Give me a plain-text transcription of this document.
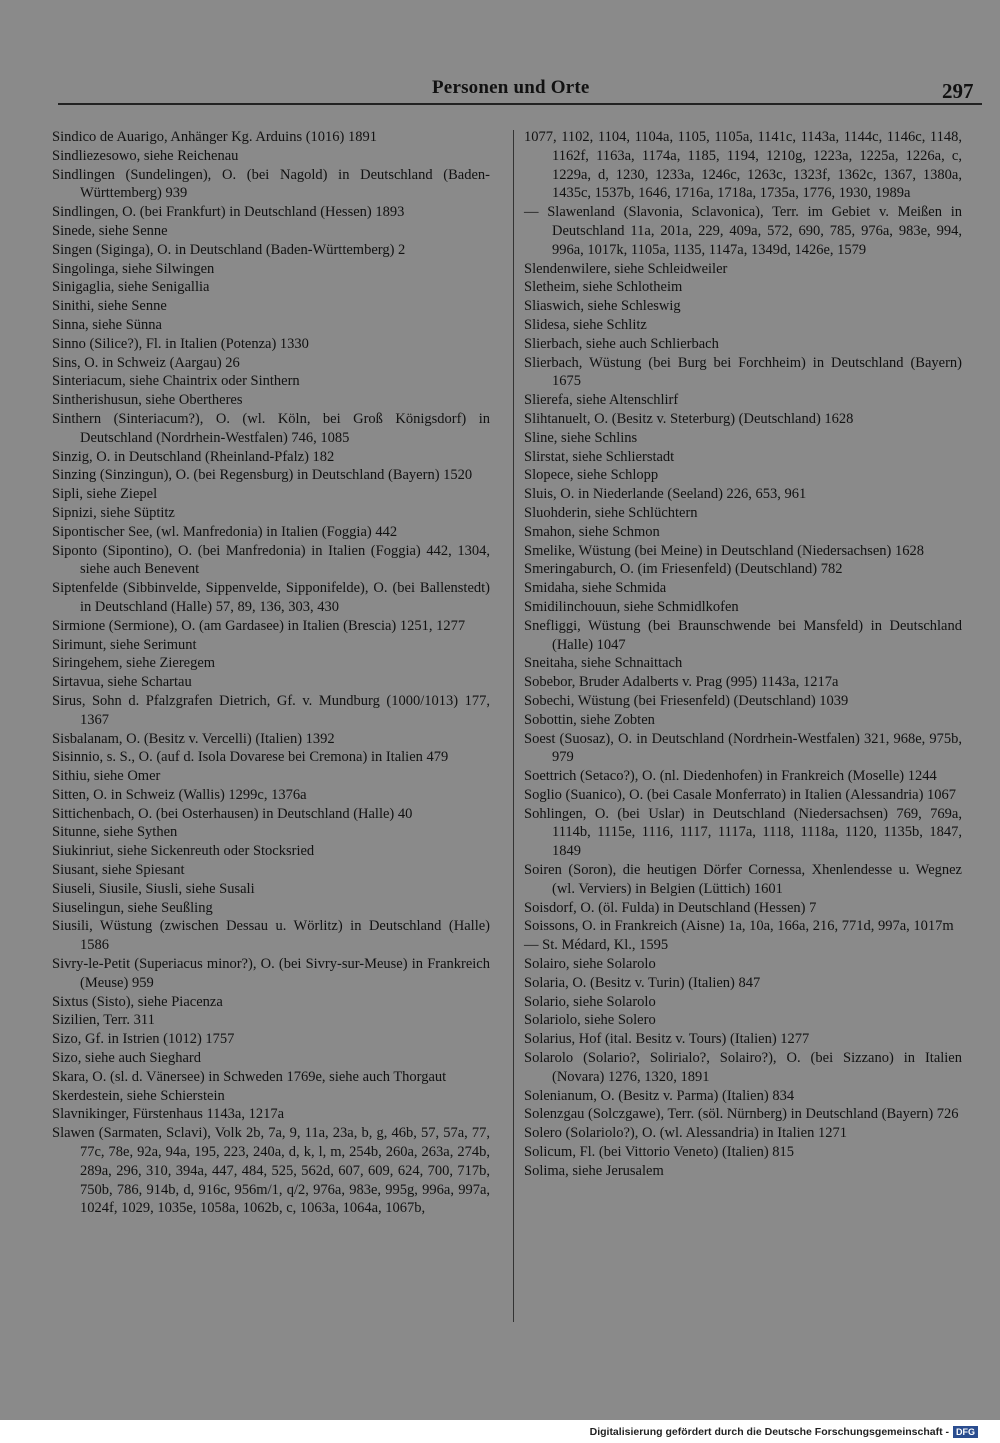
Personen und Orte	297
Sindico de Auarigo, Anhänger Kg. Arduins (1016) 1891
Sindliezesowo, siehe Reichenau
Sindlingen (Sundelingen), O. (bei Nagold) in Deutschland (Baden-Württemberg) 939
Sindlingen, O. (bei Frankfurt) in Deutschland (Hessen) 1893
Sinede, siehe Senne
Singen (Siginga), O. in Deutschland (Baden-Württemberg) 2
Singolinga, siehe Silwingen
Sinigaglia, siehe Senigallia
Sinithi, siehe Senne
Sinna, siehe Sünna
Sinno (Silice?), Fl. in Italien (Potenza) 1330
Sins, O. in Schweiz (Aargau) 26
Sinteriacum, siehe Chaintrix oder Sinthern
Sintherishusun, siehe Obertheres
Sinthern (Sinteriacum?), O. (wl. Köln, bei Groß Königsdorf) in Deutschland (Nordrhein-Westfalen) 746, 1085
Sinzig, O. in Deutschland (Rheinland-Pfalz) 182
Sinzing (Sinzingun), O. (bei Regensburg) in Deutschland (Bayern) 1520
Sipli, siehe Ziepel
Sipnizi, siehe Süptitz
Sipontischer See, (wl. Manfredonia) in Italien (Foggia) 442
Siponto (Sipontino), O. (bei Manfredonia) in Italien (Foggia) 442, 1304, siehe auch Benevent
Siptenfelde (Sibbinvelde, Sippenvelde, Sipponifelde), O. (bei Ballenstedt) in Deutschland (Halle) 57, 89, 136, 303, 430
Sirmione (Sermione), O. (am Gardasee) in Italien (Brescia) 1251, 1277
Sirimunt, siehe Serimunt
Siringehem, siehe Zieregem
Sirtavua, siehe Schartau
Sirus, Sohn d. Pfalzgrafen Dietrich, Gf. v. Mundburg (1000/1013) 177, 1367
Sisbalanam, O. (Besitz v. Vercelli) (Italien) 1392
Sisinnio, s. S., O. (auf d. Isola Dovarese bei Cremona) in Italien 479
Sithiu, siehe Omer
Sitten, O. in Schweiz (Wallis) 1299c, 1376a
Sittichenbach, O. (bei Osterhausen) in Deutschland (Halle) 40
Situnne, siehe Sythen
Siukinriut, siehe Sickenreuth oder Stocksried
Siusant, siehe Spiesant
Siuseli, Siusile, Siusli, siehe Susali
Siuselingun, siehe Seußling
Siusili, Wüstung (zwischen Dessau u. Wörlitz) in Deutschland (Halle) 1586
Sivry-le-Petit (Superiacus minor?), O. (bei Sivry-sur-Meuse) in Frankreich (Meuse) 959
Sixtus (Sisto), siehe Piacenza
Sizilien, Terr. 311
Sizo, Gf. in Istrien (1012) 1757
Sizo, siehe auch Sieghard
Skara, O. (sl. d. Vänersee) in Schweden 1769e, siehe auch Thorgaut
Skerdestein, siehe Schierstein
Slavnikinger, Fürstenhaus 1143a, 1217a
Slawen (Sarmaten, Sclavi), Volk 2b, 7a, 9, 11a, 23a, b, g, 46b, 57, 57a, 77, 77c, 78e, 92a, 94a, 195, 223, 240a, d, k, l, m, 254b, 260a, 263a, 274b, 289a, 296, 310, 394a, 447, 484, 525, 562d, 607, 609, 624, 700, 717b, 750b, 786, 914b, d, 916c, 956m/1, q/2, 976a, 983e, 995g, 996a, 997a, 1024f, 1029, 1035e, 1058a, 1062b, c, 1063a, 1064a, 1067b,
1077, 1102, 1104, 1104a, 1105, 1105a, 1141c, 1143a, 1144c, 1146c, 1148, 1162f, 1163a, 1174a, 1185, 1194, 1210g, 1223a, 1225a, 1226a, c, 1229a, d, 1230, 1233a, 1246c, 1263c, 1323f, 1362c, 1367, 1380a, 1435c, 1537b, 1646, 1716a, 1718a, 1735a, 1776, 1930, 1989a
— Slawenland (Slavonia, Sclavonica), Terr. im Gebiet v. Meißen in Deutschland 11a, 201a, 229, 409a, 572, 690, 785, 976a, 983e, 994, 996a, 1017k, 1105a, 1135, 1147a, 1349d, 1426e, 1579
Slendenwilere, siehe Schleidweiler
Sletheim, siehe Schlotheim
Sliaswich, siehe Schleswig
Slidesa, siehe Schlitz
Slierbach, siehe auch Schlierbach
Slierbach, Wüstung (bei Burg bei Forchheim) in Deutschland (Bayern) 1675
Slierefa, siehe Altenschlirf
Slihtanuelt, O. (Besitz v. Steterburg) (Deutschland) 1628
Sline, siehe Schlins
Slirstat, siehe Schlierstadt
Slopece, siehe Schlopp
Sluis, O. in Niederlande (Seeland) 226, 653, 961
Sluohderin, siehe Schlüchtern
Smahon, siehe Schmon
Smelike, Wüstung (bei Meine) in Deutschland (Niedersachsen) 1628
Smeringaburch, O. (im Friesenfeld) (Deutschland) 782
Smidaha, siehe Schmida
Smidilinchouun, siehe Schmidlkofen
Snefliggi, Wüstung (bei Braunschwende bei Mansfeld) in Deutschland (Halle) 1047
Sneitaha, siehe Schnaittach
Sobebor, Bruder Adalberts v. Prag (995) 1143a, 1217a
Sobechi, Wüstung (bei Friesenfeld) (Deutschland) 1039
Sobottin, siehe Zobten
Soest (Suosaz), O. in Deutschland (Nordrhein-Westfalen) 321, 968e, 975b, 979
Soettrich (Setaco?), O. (nl. Diedenhofen) in Frankreich (Moselle) 1244
Soglio (Suanico), O. (bei Casale Monferrato) in Italien (Alessandria) 1067
Sohlingen, O. (bei Uslar) in Deutschland (Niedersachsen) 769, 769a, 1114b, 1115e, 1116, 1117, 1117a, 1118, 1118a, 1120, 1135b, 1847, 1849
Soiren (Soron), die heutigen Dörfer Cornessa, Xhenlendesse u. Wegnez (wl. Verviers) in Belgien (Lüttich) 1601
Soisdorf, O. (öl. Fulda) in Deutschland (Hessen) 7
Soissons, O. in Frankreich (Aisne) 1a, 10a, 166a, 216, 771d, 997a, 1017m
— St. Médard, Kl., 1595
Solairo, siehe Solarolo
Solaria, O. (Besitz v. Turin) (Italien) 847
Solario, siehe Solarolo
Solariolo, siehe Solero
Solarius, Hof (ital. Besitz v. Tours) (Italien) 1277
Solarolo (Solario?, Solirialo?, Solairo?), O. (bei Sizzano) in Italien (Novara) 1276, 1320, 1891
Solenianum, O. (Besitz v. Parma) (Italien) 834
Solenzgau (Solczgawe), Terr. (söl. Nürnberg) in Deutschland (Bayern) 726
Solero (Solariolo?), O. (wl. Alessandria) in Italien 1271
Solicum, Fl. (bei Vittorio Veneto) (Italien) 815
Solima, siehe Jerusalem
Digitalisierung gefördert durch die Deutsche Forschungsgemeinschaft - DFG
